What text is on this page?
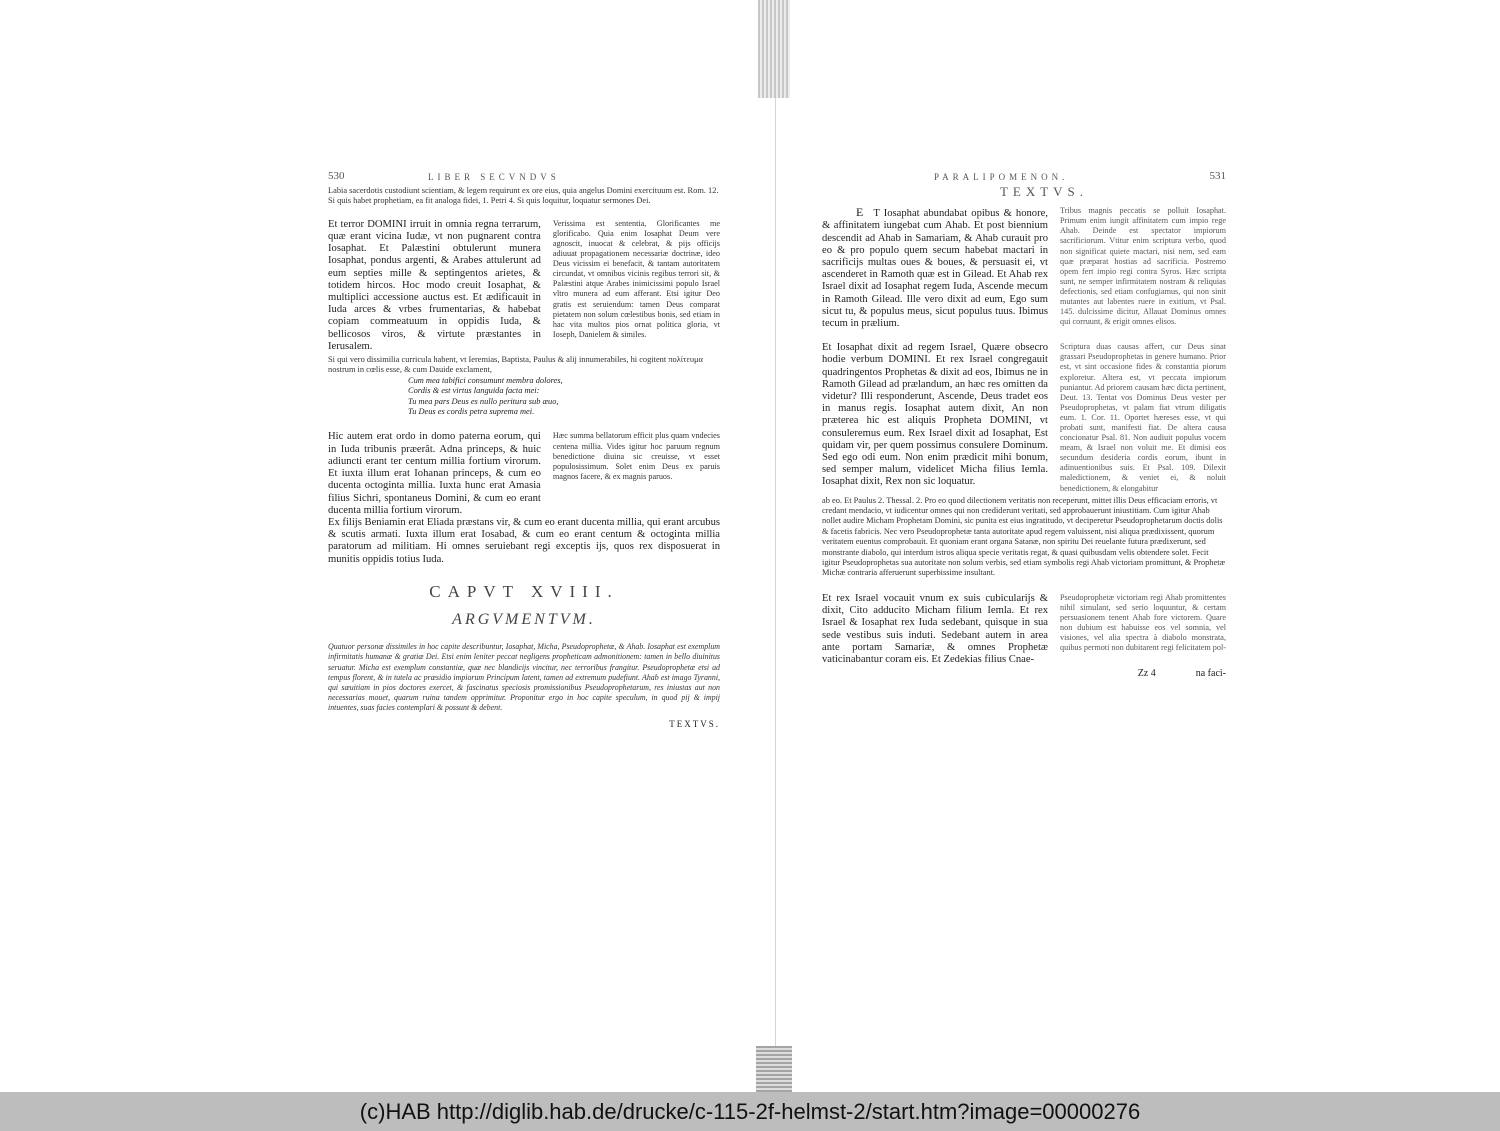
530	LIBER SECVNDVS

Labia sacerdotis custodiunt scientiam, & legem requirunt ex ore eius, quia angelus Domini exercituum est. Rom. 12. Si quis habet prophetiam, ea fit analoga fidei, 1. Petri 4. Si quis loquitur, loquatur sermones Dei.

Et terror DOMINI irruit in omnia regna terrarum, quæ erant vicina Iudæ, vt non pugnarent contra Iosaphat. Et Palæstini obtulerunt munera Iosaphat, pondus argenti, & Arabes attulerunt ad eum septies mille & septingentos arietes, & totidem hircos. Hoc modo creuit Iosaphat, & multiplici accessione auctus est. Et ædificauit in Iuda arces & vrbes frumentarias, & habebat copiam commeatuum in oppidis Iuda, & bellicosos viros, & virtute præstantes in Ierusalem.
Verissima est sententia, Glorificantes me glorificabo. Quia enim Iosaphat Deum vere agnoscit, inuocat & celebrat, & pijs officijs adiuuat propagationem necessariæ doctrinæ, ideo Deus vicissim ei benefacit, & tantam autoritatem circundat, vt omnibus vicinis regibus terrori sit, & Palæstini atque Arabes inimicissimi populo Israel vltro munera ad eum afferant. Etsi igitur Deo gratis est seruiendum: tamen Deus comparat pietatem non solum cœlestibus bonis, sed etiam in hac vita multos pios ornat politica gloria, vt Ioseph, Danielem & similes.

Si qui vero dissimilia curricula habent, vt Ieremias, Baptista, Paulus & alij innumerabiles, hi cogitent πολίτευμα nostrum in cœlis esse, & cum Dauide exclament,

Cum mea tabifici consumunt membra dolores,
Cordis & est virtus languida facta mei:
Tu mea pars Deus es nullo peritura sub æuo,
Tu Deus es cordis petra suprema mei.
Hic autem erat ordo in domo paterna eorum, qui in Iuda tribunis præerât. Adna princeps, & huic adiuncti erant ter centum millia fortium virorum. Et iuxta illum erat Iohanan princeps, & cum eo ducenta octoginta millia. Iuxta hunc erat Amasia filius Sichri, spontaneus Domini, & cum eo erant ducenta millia fortium virorum.
Hæc summa bellatorum efficit plus quam vndecies centena millia. Vides igitur hoc paruum regnum benedictione diuina sic creuisse, vt esset populosissimum. Solet enim Deus ex paruis magnos facere, & ex magnis paruos.
Ex filijs Beniamin erat Eliada præstans vir, & cum eo erant ducenta millia, qui erant arcubus & scutis armati. Iuxta illum erat Iosabad, & cum eo erant centum & octoginta millia paratorum ad militiam. Hi omnes seruiebant regi exceptis ijs, quos rex disposuerat in munitis oppidis totius Iuda.
CAPVT XVIII.
ARGVMENTVM.
Quatuor personæ dissimiles in hoc capite describuntur, Iosaphat, Micha, Pseudoprophetæ, & Ahab. Iosaphat est exemplum infirmitatis humanæ & gratiæ Dei. Etsi enim leniter peccat negligens propheticam admonitionem: tamen in bello diuinitus seruatur. Micha est exemplum constantiæ, quæ nec blandicijs vincitur, nec terroribus frangitur. Pseudoprophetæ etsi ad tempus florent, & in tutela ac præsidio impiorum Principum latent, tamen ad extremum pudefiunt. Ahab est imago Tyranni, qui sæuitiam in pios doctores exercet, & fascinatus speciosis promissionibus Pseudoprophetarum, res iniustas aut non necessarias mouet, quarum ruina tandem opprimitur. Proponitur ergo in hoc capite speculum, in quod pij & impij intuentes, suas facies contemplari & possunt & debent.
TEXTVS.
PARALIPOMENON.	531
TEXTVS.
E T Iosaphat abundabat opibus & honore, & affinitatem iungebat cum Ahab. Et post biennium descendit ad Ahab in Samariam, & Ahab curauit pro eo & pro populo quem secum habebat mactari in sacrificijs multas oues & boues, & persuasit ei, vt ascenderet in Ramoth quæ est in Gilead. Et Ahab rex Israel dixit ad Iosaphat regem Iuda, Ascende mecum in Ramoth Gilead. Ille vero dixit ad eum, Ego sum sicut tu, & populus meus, sicut populus tuus. Ibimus tecum in prælium.
Tribus magnis peccatis se polluit Iosaphat. Primum enim iungit affinitatem cum impio rege Ahab. Deinde est spectator impiorum sacrificiorum. Vtitur enim scriptura verbo, quod non significat quiete mactari, nisi nem, sed eam quæ præparat hostias ad sacrificia. Postremo opem fert impio regi contra Syros. Hæc scripta sunt, ne semper infirmitatem nostram & reliquias defectionis, sed etiam confugiamus, qui non sinit mutantes aut labentes ruere in exitium, vt Psal. 145. dulcissime dicitur, Allauat Dominus omnes qui corruunt, & erigit omnes elisos.
Et Iosaphat dixit ad regem Israel, Quære obsecro hodie verbum DOMINI. Et rex Israel congregauit quadringentos Prophetas & dixit ad eos, Ibimus ne in Ramoth Gilead ad prælandum, an hæc res omitten da videtur? Illi responderunt, Ascende, Deus tradet eos in manus regis. Iosaphat autem dixit, An non præterea hic est aliquis Propheta DOMINI, vt consuleremus eum. Rex Israel dixit ad Iosaphat, Est quidam vir, per quem possimus consulere Dominum. Sed ego odi eum. Non enim prædicit mihi bonum, sed semper malum, videlicet Micha filius Iemla. Iosaphat dixit, Rex non sic loquatur.
Scriptura duas causas affert, cur Deus sinat grassari Pseudoprophetas in genere humano. Prior est, vt sint occasione fides & constantia piorum exploretur. Altera est, vt peccata impiorum puniantur. Ad priorem causam hæc dicta pertinent, Deut. 13. Tentat vos Dominus Deus vester per Pseudoprophetas, vt palam fiat vtrum diligatis eum. 1. Cor. 11. Oportet hæreses esse, vt qui probati sunt, manifesti fiat. De altera causa concionatur Psal. 81. Non audiuit populus vocem meam, & Israel non voluit me. Et dimisi eos secundum desideria cordis eorum, ibunt in adinuentionibus suis. Et Psal. 109. Dilexit maledictionem, & veniet ei, & noluit benedictionem, & elongabitur

ab eo. Et Paulus 2. Thessal. 2. Pro eo quod dilectionem veritatis non receperunt, mittet illis Deus efficaciam erroris, vt credant mendacio, vt iudicentur omnes qui non crediderunt veritati, sed approbauerunt iniustitiam. Cum igitur Ahab nollet audire Micham Prophetam Domini, sic punita est eius ingratitudo, vt deciperetur Pseudoprophetarum doctis dolis & facetis fabricis. Nec vero Pseudoprophetæ tanta autoritate apud regem valuissent, nisi aliqua prædixissent, quorum veritatem euentus comprobauit. Et quoniam erant organa Satanæ, non spiritu Dei reuelante futura prædixerunt, sed monstrante diabolo, qui interdum istros aliqua specie veritatis regat, & quasi quibusdam velis obtendere solet. Fecit igitur Pseudoprophetas sua autoritate non solum verbis, sed etiam symbolis regi Ahab victoriam promittunt, & Prophetæ Michæ contraria afferuerunt superbissime insultant.

Et rex Israel vocauit vnum ex suis cubicularijs & dixit, Cito adducito Micham filium Iemla. Et rex Israel & Iosaphat rex Iuda sedebant, quisque in sua sede vestibus suis induti. Sedebant autem in area ante portam Samariæ, & omnes Prophetæ vaticinabantur coram eis. Et Zedekias filius Cnae-
Pseudoprophetæ victoriam regi Ahab promittentes nihil simulant, sed serio loquuntur, & certam persuasionem tenent Ahab fore victorem. Quare non dubium est habuisse eos vel somnia, vel visiones, vel alia spectra à diabolo monstrata, quibus permoti non dubitarent regi felicitatem pol-
Zz 4	na faci-
(c)HAB http://diglib.hab.de/drucke/c-115-2f-helmst-2/start.htm?image=00000276
